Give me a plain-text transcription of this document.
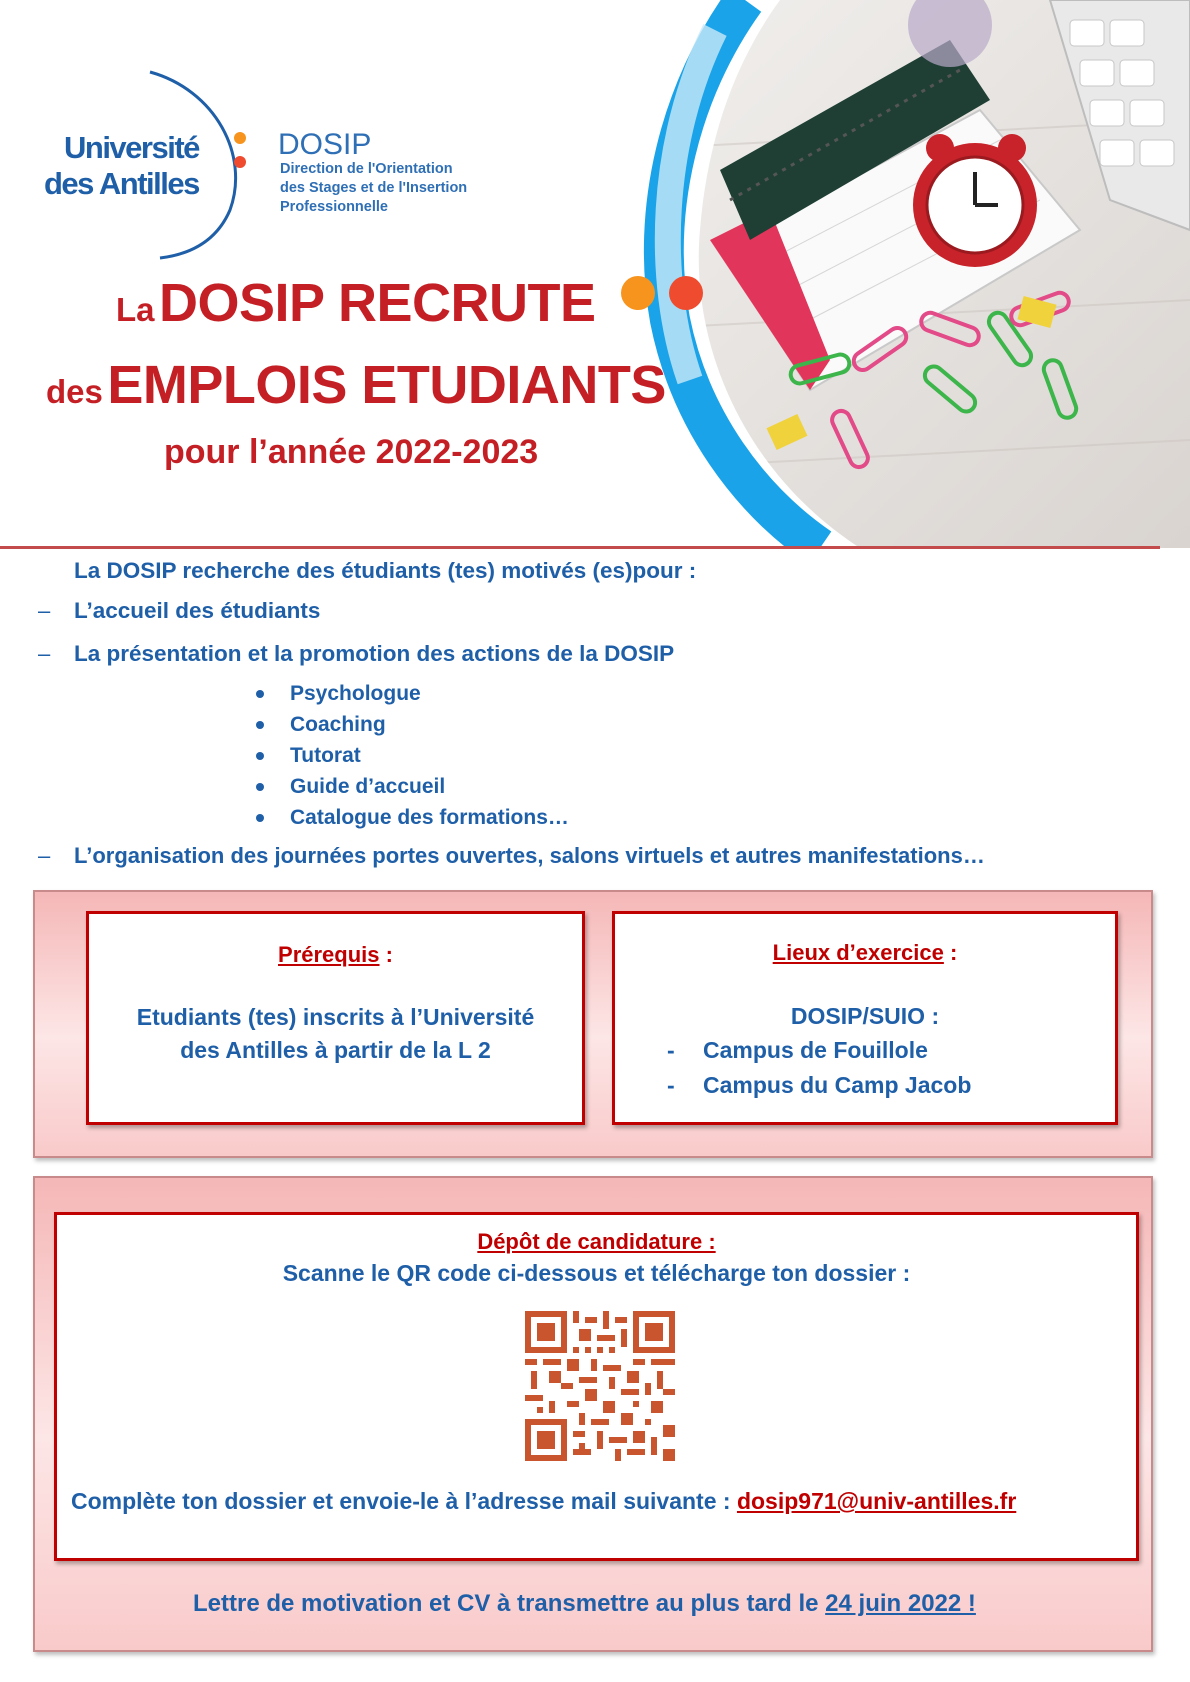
Université
des Antilles
DOSIP
Direction de l'Orientation
des Stages et de l'Insertion
Professionnelle
La DOSIP RECRUTE
des EMPLOIS ETUDIANTS
pour l’année 2022-2023
La DOSIP recherche des étudiants (tes) motivés (es)pour :
– L’accueil des étudiants
– La présentation et la promotion des actions de la DOSIP
Psychologue
Coaching
Tutorat
Guide d’accueil
Catalogue des formations…
– L’organisation des journées portes ouvertes, salons virtuels et autres manifestations…
Prérequis :
Etudiants (tes) inscrits à l’Université
des Antilles à partir de la L 2
Lieux d’exercice :
DOSIP/SUIO :
- Campus de Fouillole
- Campus du Camp Jacob
Dépôt de candidature :
Scanne le QR code ci-dessous et télécharge ton dossier :
Complète ton dossier et envoie-le à l’adresse mail suivante : dosip971@univ-antilles.fr
Lettre de motivation et CV à transmettre au plus tard le 24 juin 2022 !
